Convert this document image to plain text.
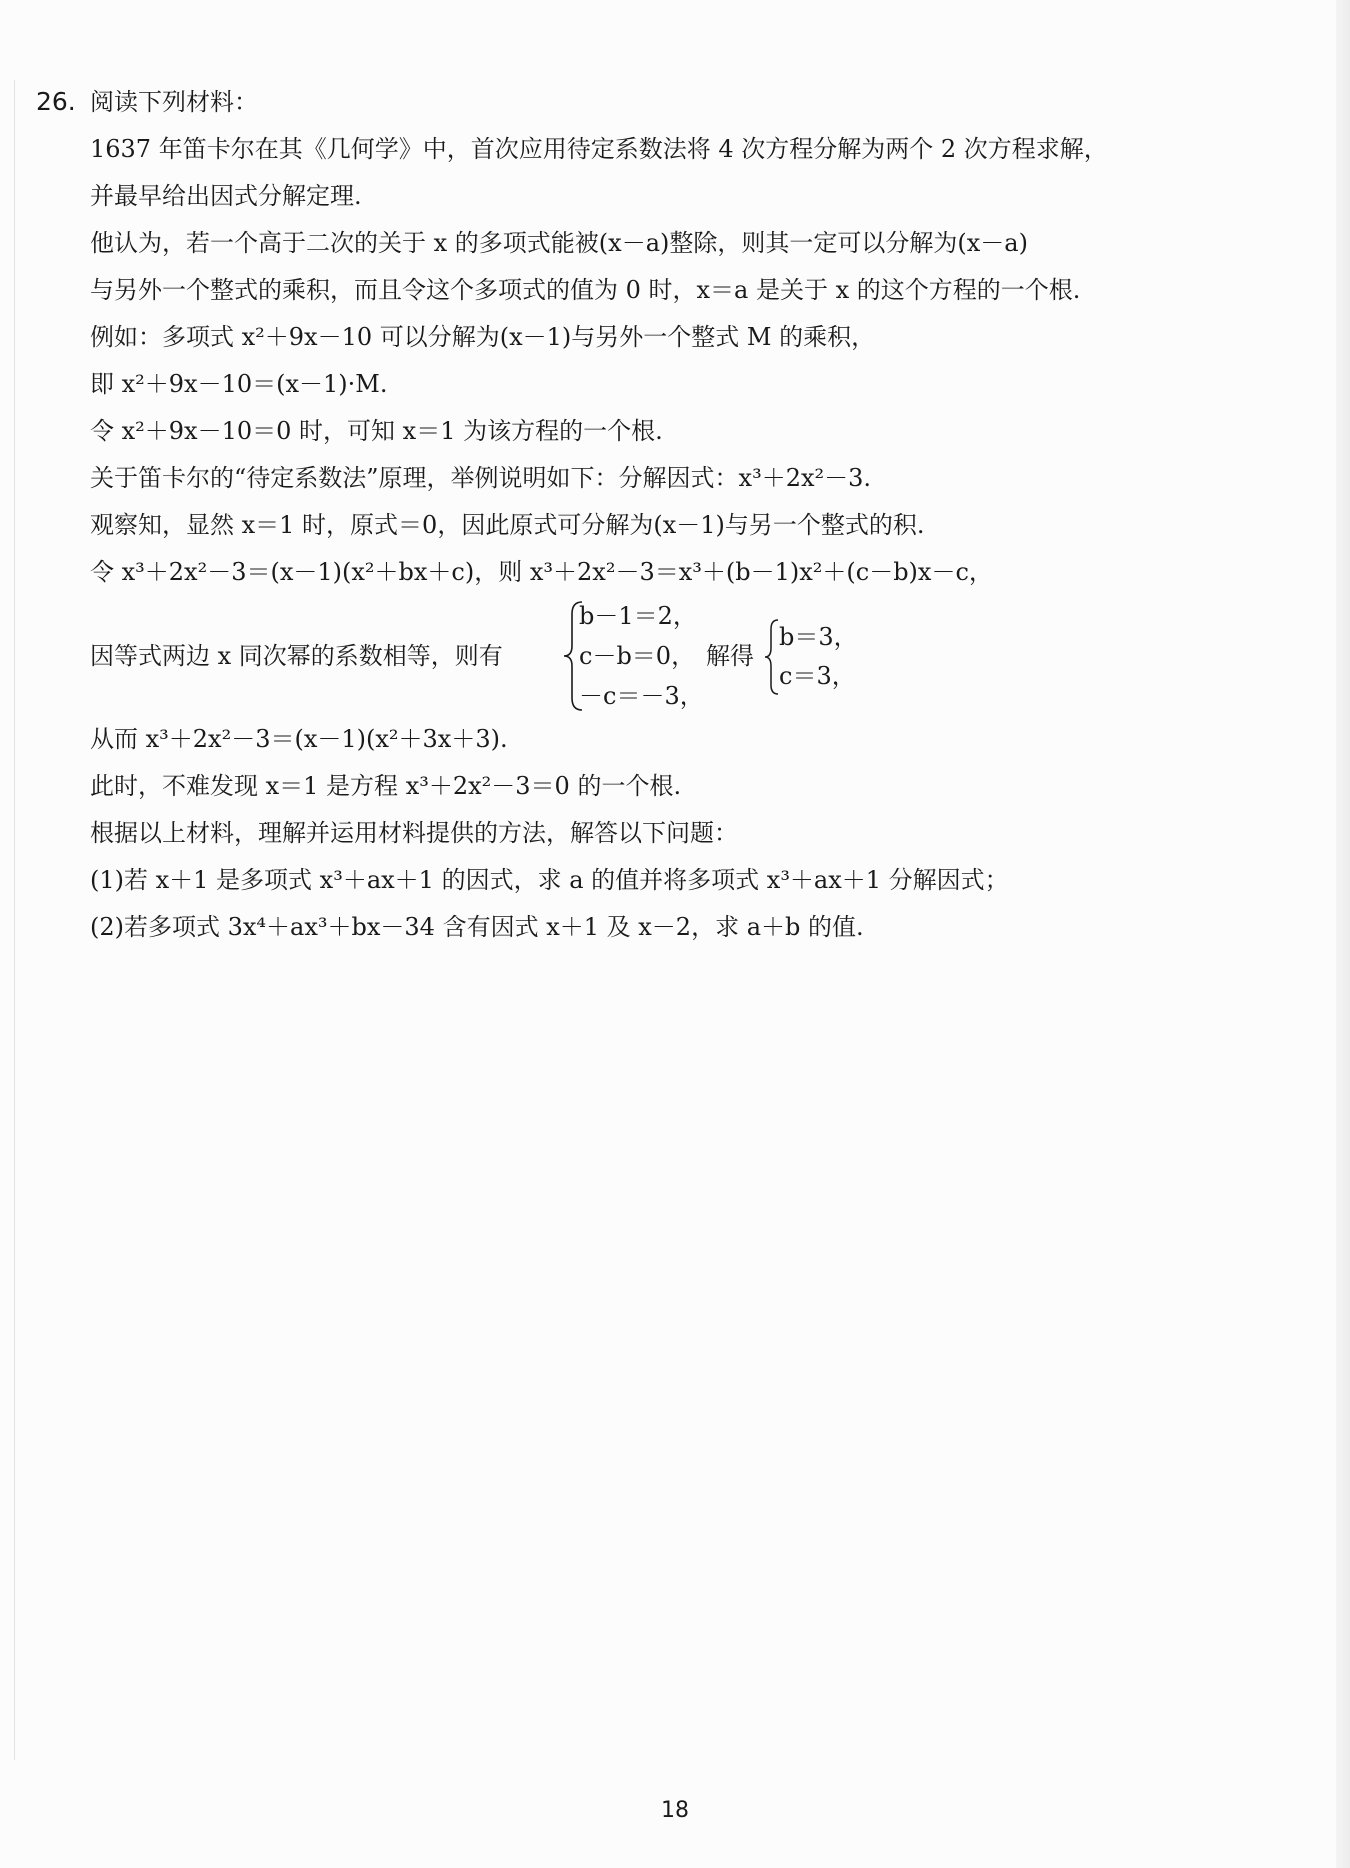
26. 阅读下列材料：
1637 年笛卡尔在其《几何学》中，首次应用待定系数法将 4 次方程分解为两个 2 次方程求解，
并最早给出因式分解定理.
他认为，若一个高于二次的关于 x 的多项式能被(x－a)整除，则其一定可以分解为(x－a)
与另外一个整式的乘积，而且令这个多项式的值为 0 时，x＝a 是关于 x 的这个方程的一个根.
例如：多项式 x²＋9x－10 可以分解为(x－1)与另外一个整式 M 的乘积，
即 x²＋9x－10＝(x－1)·M.
令 x²＋9x－10＝0 时，可知 x＝1 为该方程的一个根.
关于笛卡尔的“待定系数法”原理，举例说明如下：分解因式：x³＋2x²－3.
观察知，显然 x＝1 时，原式＝0，因此原式可分解为(x－1)与另一个整式的积.
令 x³＋2x²－3＝(x－1)(x²＋bx＋c)，则 x³＋2x²－3＝x³＋(b－1)x²＋(c－b)x－c，
因等式两边 x 同次幂的系数相等，则有
b－1＝2，
c－b＝0，
－c＝－3，
解得
b＝3，
c＝3，
从而 x³＋2x²－3＝(x－1)(x²＋3x＋3).
此时，不难发现 x＝1 是方程 x³＋2x²－3＝0 的一个根.
根据以上材料，理解并运用材料提供的方法，解答以下问题：
(1)若 x＋1 是多项式 x³＋ax＋1 的因式，求 a 的值并将多项式 x³＋ax＋1 分解因式；
(2)若多项式 3x⁴＋ax³＋bx－34 含有因式 x＋1 及 x－2，求 a＋b 的值.
18
